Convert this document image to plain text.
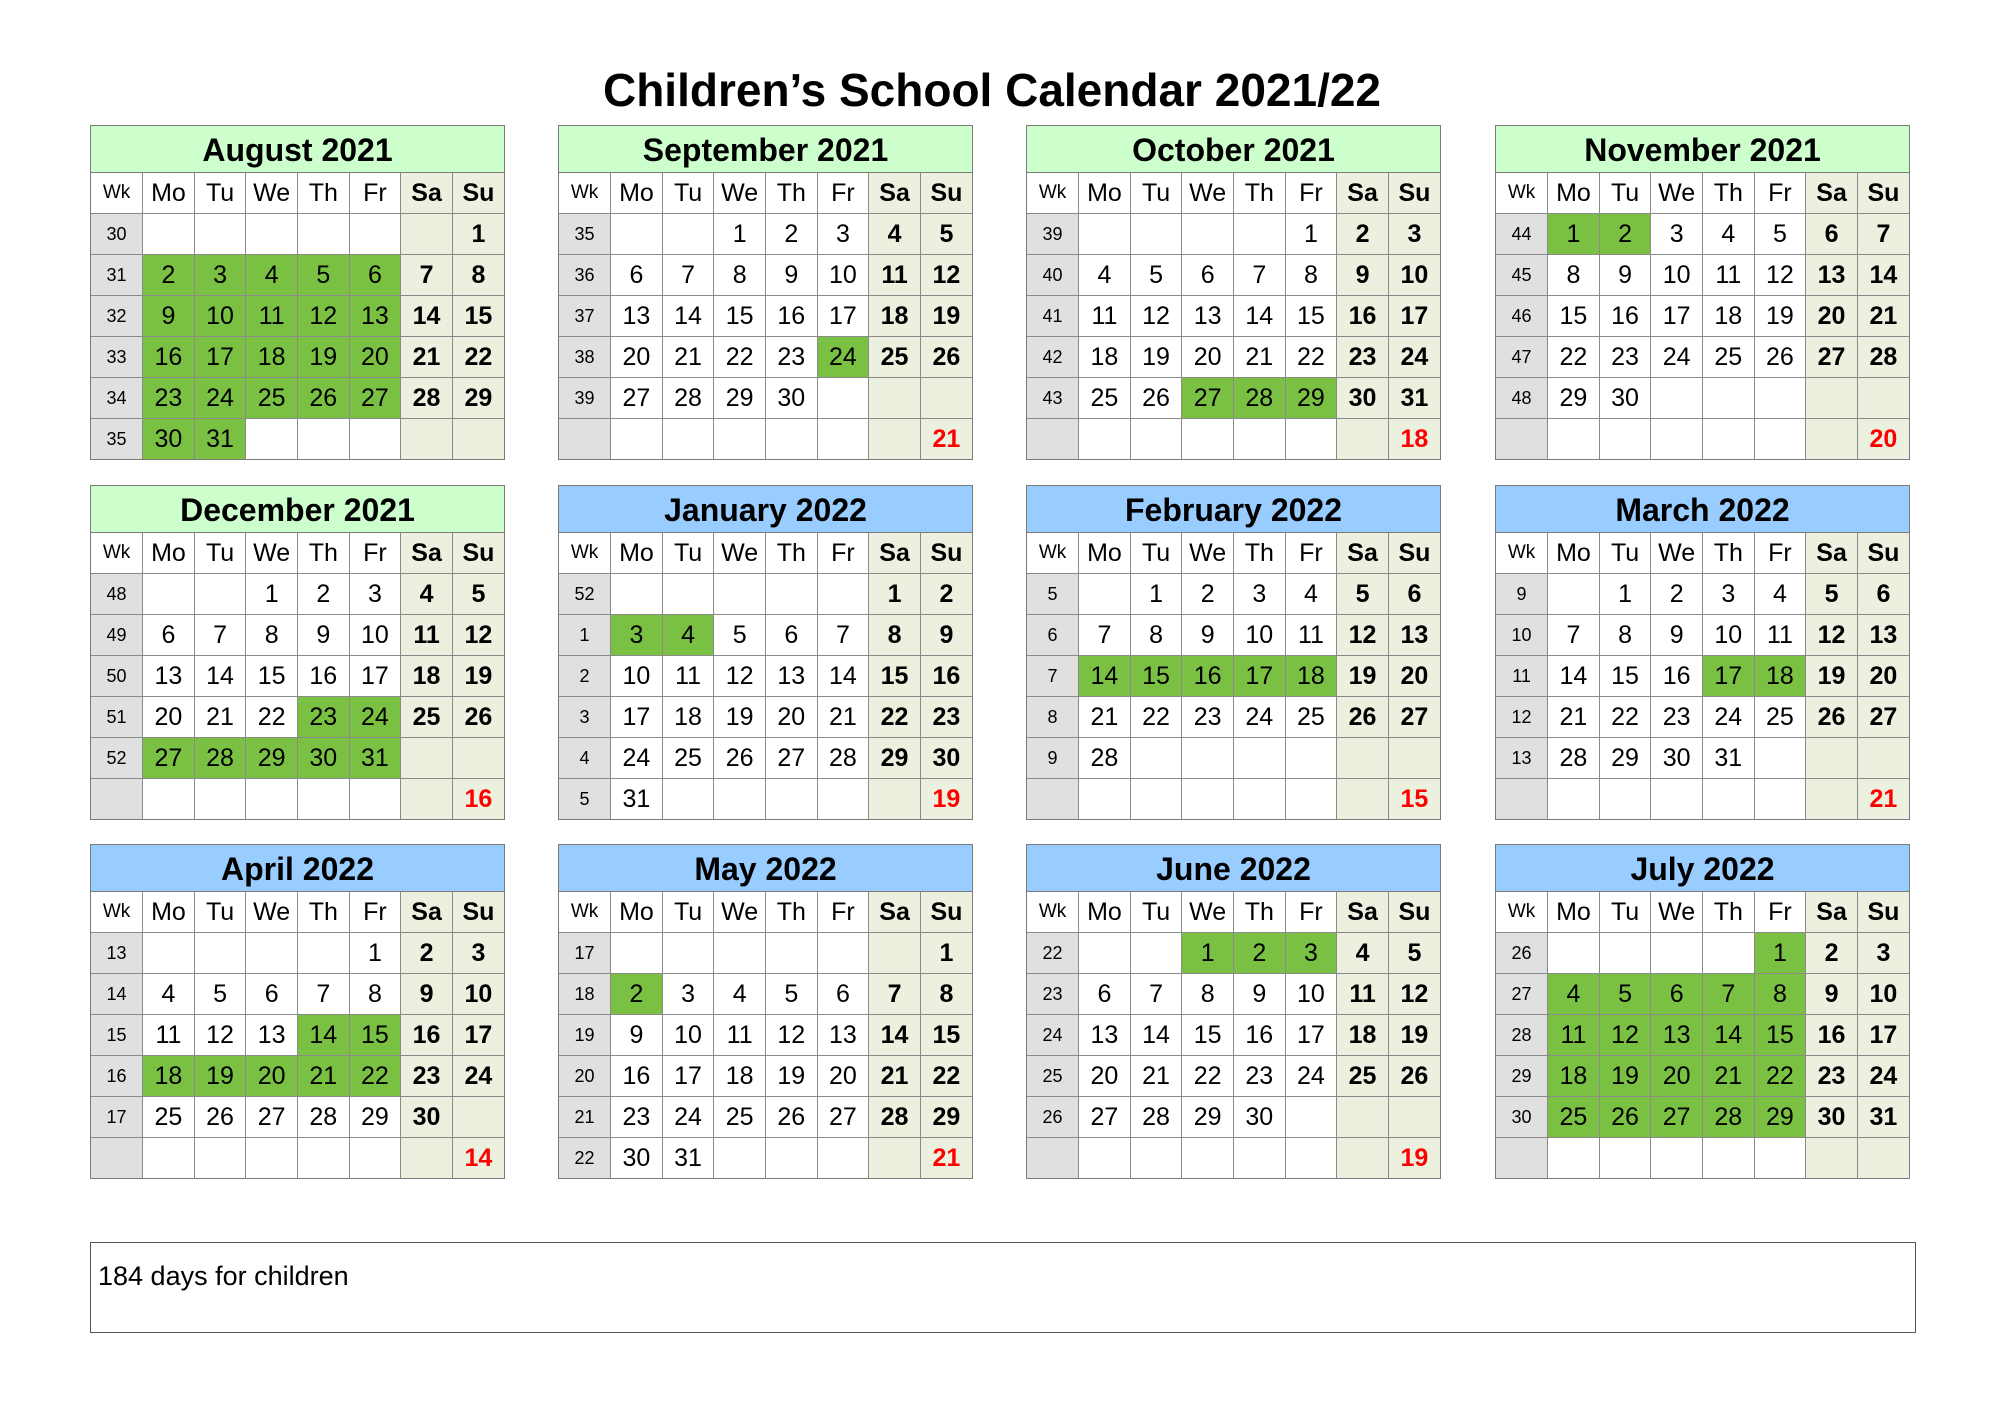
Children’s School Calendar 2021/22
August 2021
Wk	Mo	Tu	We	Th	Fr	Sa	Su
30							1
31	2	3	4	5	6	7	8
32	9	10	11	12	13	14	15
33	16	17	18	19	20	21	22
34	23	24	25	26	27	28	29
35	30	31					
September 2021
Wk	Mo	Tu	We	Th	Fr	Sa	Su
35			1	2	3	4	5
36	6	7	8	9	10	11	12
37	13	14	15	16	17	18	19
38	20	21	22	23	24	25	26
39	27	28	29	30			
							21
October 2021
Wk	Mo	Tu	We	Th	Fr	Sa	Su
39					1	2	3
40	4	5	6	7	8	9	10
41	11	12	13	14	15	16	17
42	18	19	20	21	22	23	24
43	25	26	27	28	29	30	31
							18
November 2021
Wk	Mo	Tu	We	Th	Fr	Sa	Su
44	1	2	3	4	5	6	7
45	8	9	10	11	12	13	14
46	15	16	17	18	19	20	21
47	22	23	24	25	26	27	28
48	29	30					
							20
December 2021
Wk	Mo	Tu	We	Th	Fr	Sa	Su
48			1	2	3	4	5
49	6	7	8	9	10	11	12
50	13	14	15	16	17	18	19
51	20	21	22	23	24	25	26
52	27	28	29	30	31		
							16
January 2022
Wk	Mo	Tu	We	Th	Fr	Sa	Su
52						1	2
1	3	4	5	6	7	8	9
2	10	11	12	13	14	15	16
3	17	18	19	20	21	22	23
4	24	25	26	27	28	29	30
5	31						19
February 2022
Wk	Mo	Tu	We	Th	Fr	Sa	Su
5		1	2	3	4	5	6
6	7	8	9	10	11	12	13
7	14	15	16	17	18	19	20
8	21	22	23	24	25	26	27
9	28						
							15
March 2022
Wk	Mo	Tu	We	Th	Fr	Sa	Su
9		1	2	3	4	5	6
10	7	8	9	10	11	12	13
11	14	15	16	17	18	19	20
12	21	22	23	24	25	26	27
13	28	29	30	31			
							21
April 2022
Wk	Mo	Tu	We	Th	Fr	Sa	Su
13					1	2	3
14	4	5	6	7	8	9	10
15	11	12	13	14	15	16	17
16	18	19	20	21	22	23	24
17	25	26	27	28	29	30	
							14
May 2022
Wk	Mo	Tu	We	Th	Fr	Sa	Su
17							1
18	2	3	4	5	6	7	8
19	9	10	11	12	13	14	15
20	16	17	18	19	20	21	22
21	23	24	25	26	27	28	29
22	30	31					21
June 2022
Wk	Mo	Tu	We	Th	Fr	Sa	Su
22			1	2	3	4	5
23	6	7	8	9	10	11	12
24	13	14	15	16	17	18	19
25	20	21	22	23	24	25	26
26	27	28	29	30			
							19
July 2022
Wk	Mo	Tu	We	Th	Fr	Sa	Su
26					1	2	3
27	4	5	6	7	8	9	10
28	11	12	13	14	15	16	17
29	18	19	20	21	22	23	24
30	25	26	27	28	29	30	31

184 days for children
